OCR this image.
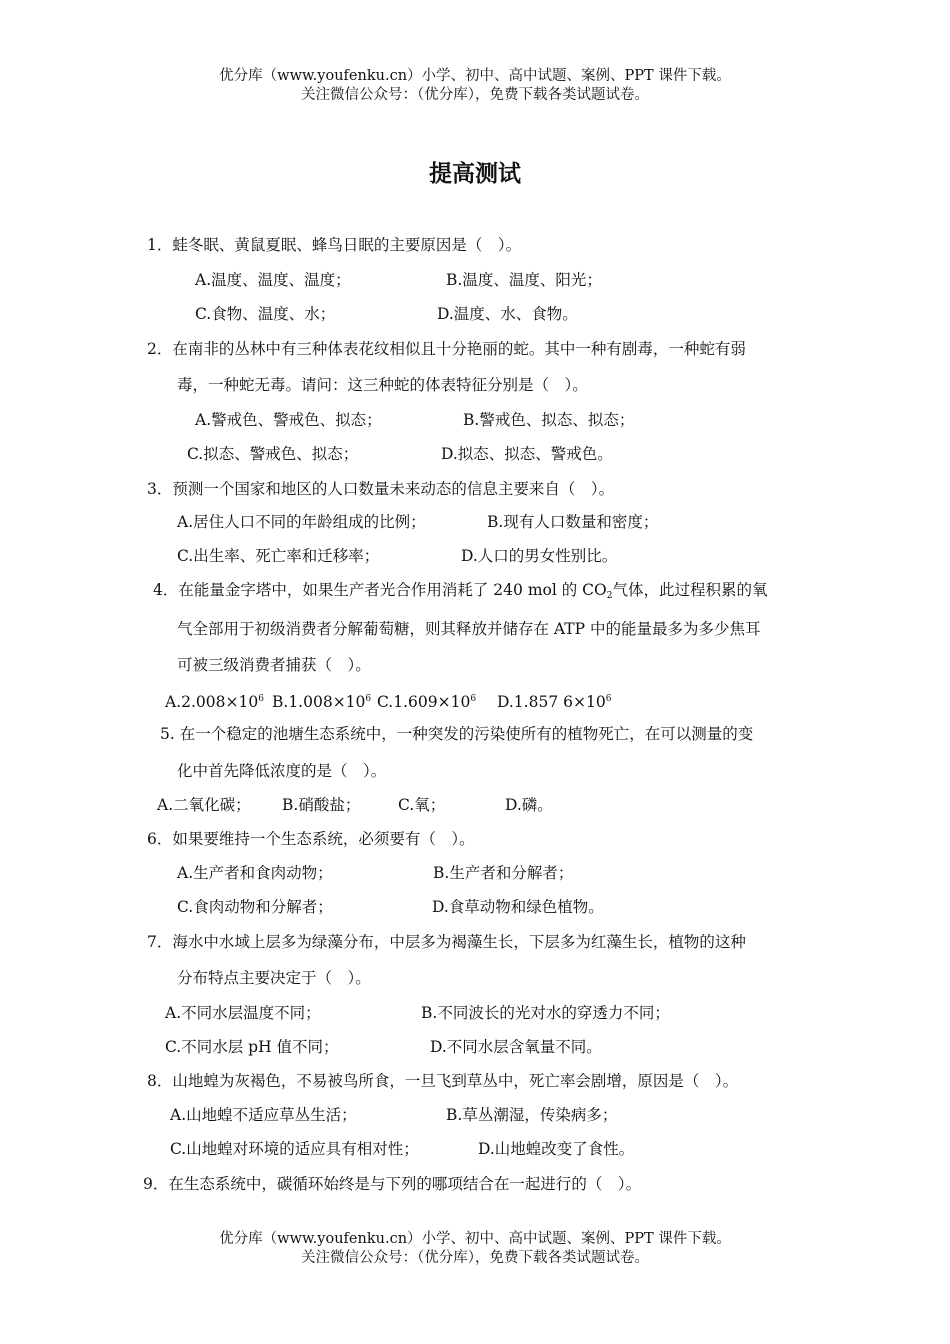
优分库（www.youfenku.cn）小学、初中、高中试题、案例、PPT 课件下载。
关注微信公众号：（优分库），免费下载各类试题试卷。
提高测试
1．蛙冬眠、黄鼠夏眠、蜂鸟日眠的主要原因是（　）。
A.温度、温度、温度；	B.温度、温度、阳光；
C.食物、温度、水；	D.温度、水、食物。
2．在南非的丛林中有三种体表花纹相似且十分艳丽的蛇。其中一种有剧毒，一种蛇有弱
毒，一种蛇无毒。请问：这三种蛇的体表特征分别是（　）。
A.警戒色、警戒色、拟态；	B.警戒色、拟态、拟态；
C.拟态、警戒色、拟态；	D.拟态、拟态、警戒色。
3．预测一个国家和地区的人口数量未来动态的信息主要来自（　）。
A.居住人口不同的年龄组成的比例；	B.现有人口数量和密度；
C.出生率、死亡率和迁移率；	D.人口的男女性别比。
4．在能量金字塔中，如果生产者光合作用消耗了 240 mol 的 $CO_2$气体，此过程积累的氧
气全部用于初级消费者分解葡萄糖，则其释放并储存在 ATP 中的能量最多为多少焦耳
可被三级消费者捕获（　）。
$A.2.008\times 10^6$ $B.1.008\times 10^6$ $C.1.609\times 10^6$ D.1.857 $6\times 10^6$
5. 在一个稳定的池塘生态系统中，一种突发的污染使所有的植物死亡，在可以测量的变
化中首先降低浓度的是（　）。
A.二氧化碳； B.硝酸盐； C.氧；	D.磷。
6．如果要维持一个生态系统，必须要有（　）。
A.生产者和食肉动物；	B.生产者和分解者；
C.食肉动物和分解者；	D.食草动物和绿色植物。
7．海水中水域上层多为绿藻分布，中层多为褐藻生长，下层多为红藻生长，植物的这种
分布特点主要决定于（　）。
A.不同水层温度不同；	B.不同波长的光对水的穿透力不同；
C.不同水层 pH 值不同；	D.不同水层含氧量不同。
8．山地蝗为灰褐色，不易被鸟所食，一旦飞到草丛中，死亡率会剧增，原因是（　）。
A.山地蝗不适应草丛生活；	B.草丛潮湿，传染病多；
C.山地蝗对环境的适应具有相对性；	D.山地蝗改变了食性。
9．在生态系统中，碳循环始终是与下列的哪项结合在一起进行的（　）。
优分库（www.youfenku.cn）小学、初中、高中试题、案例、PPT 课件下载。
关注微信公众号：（优分库），免费下载各类试题试卷。
